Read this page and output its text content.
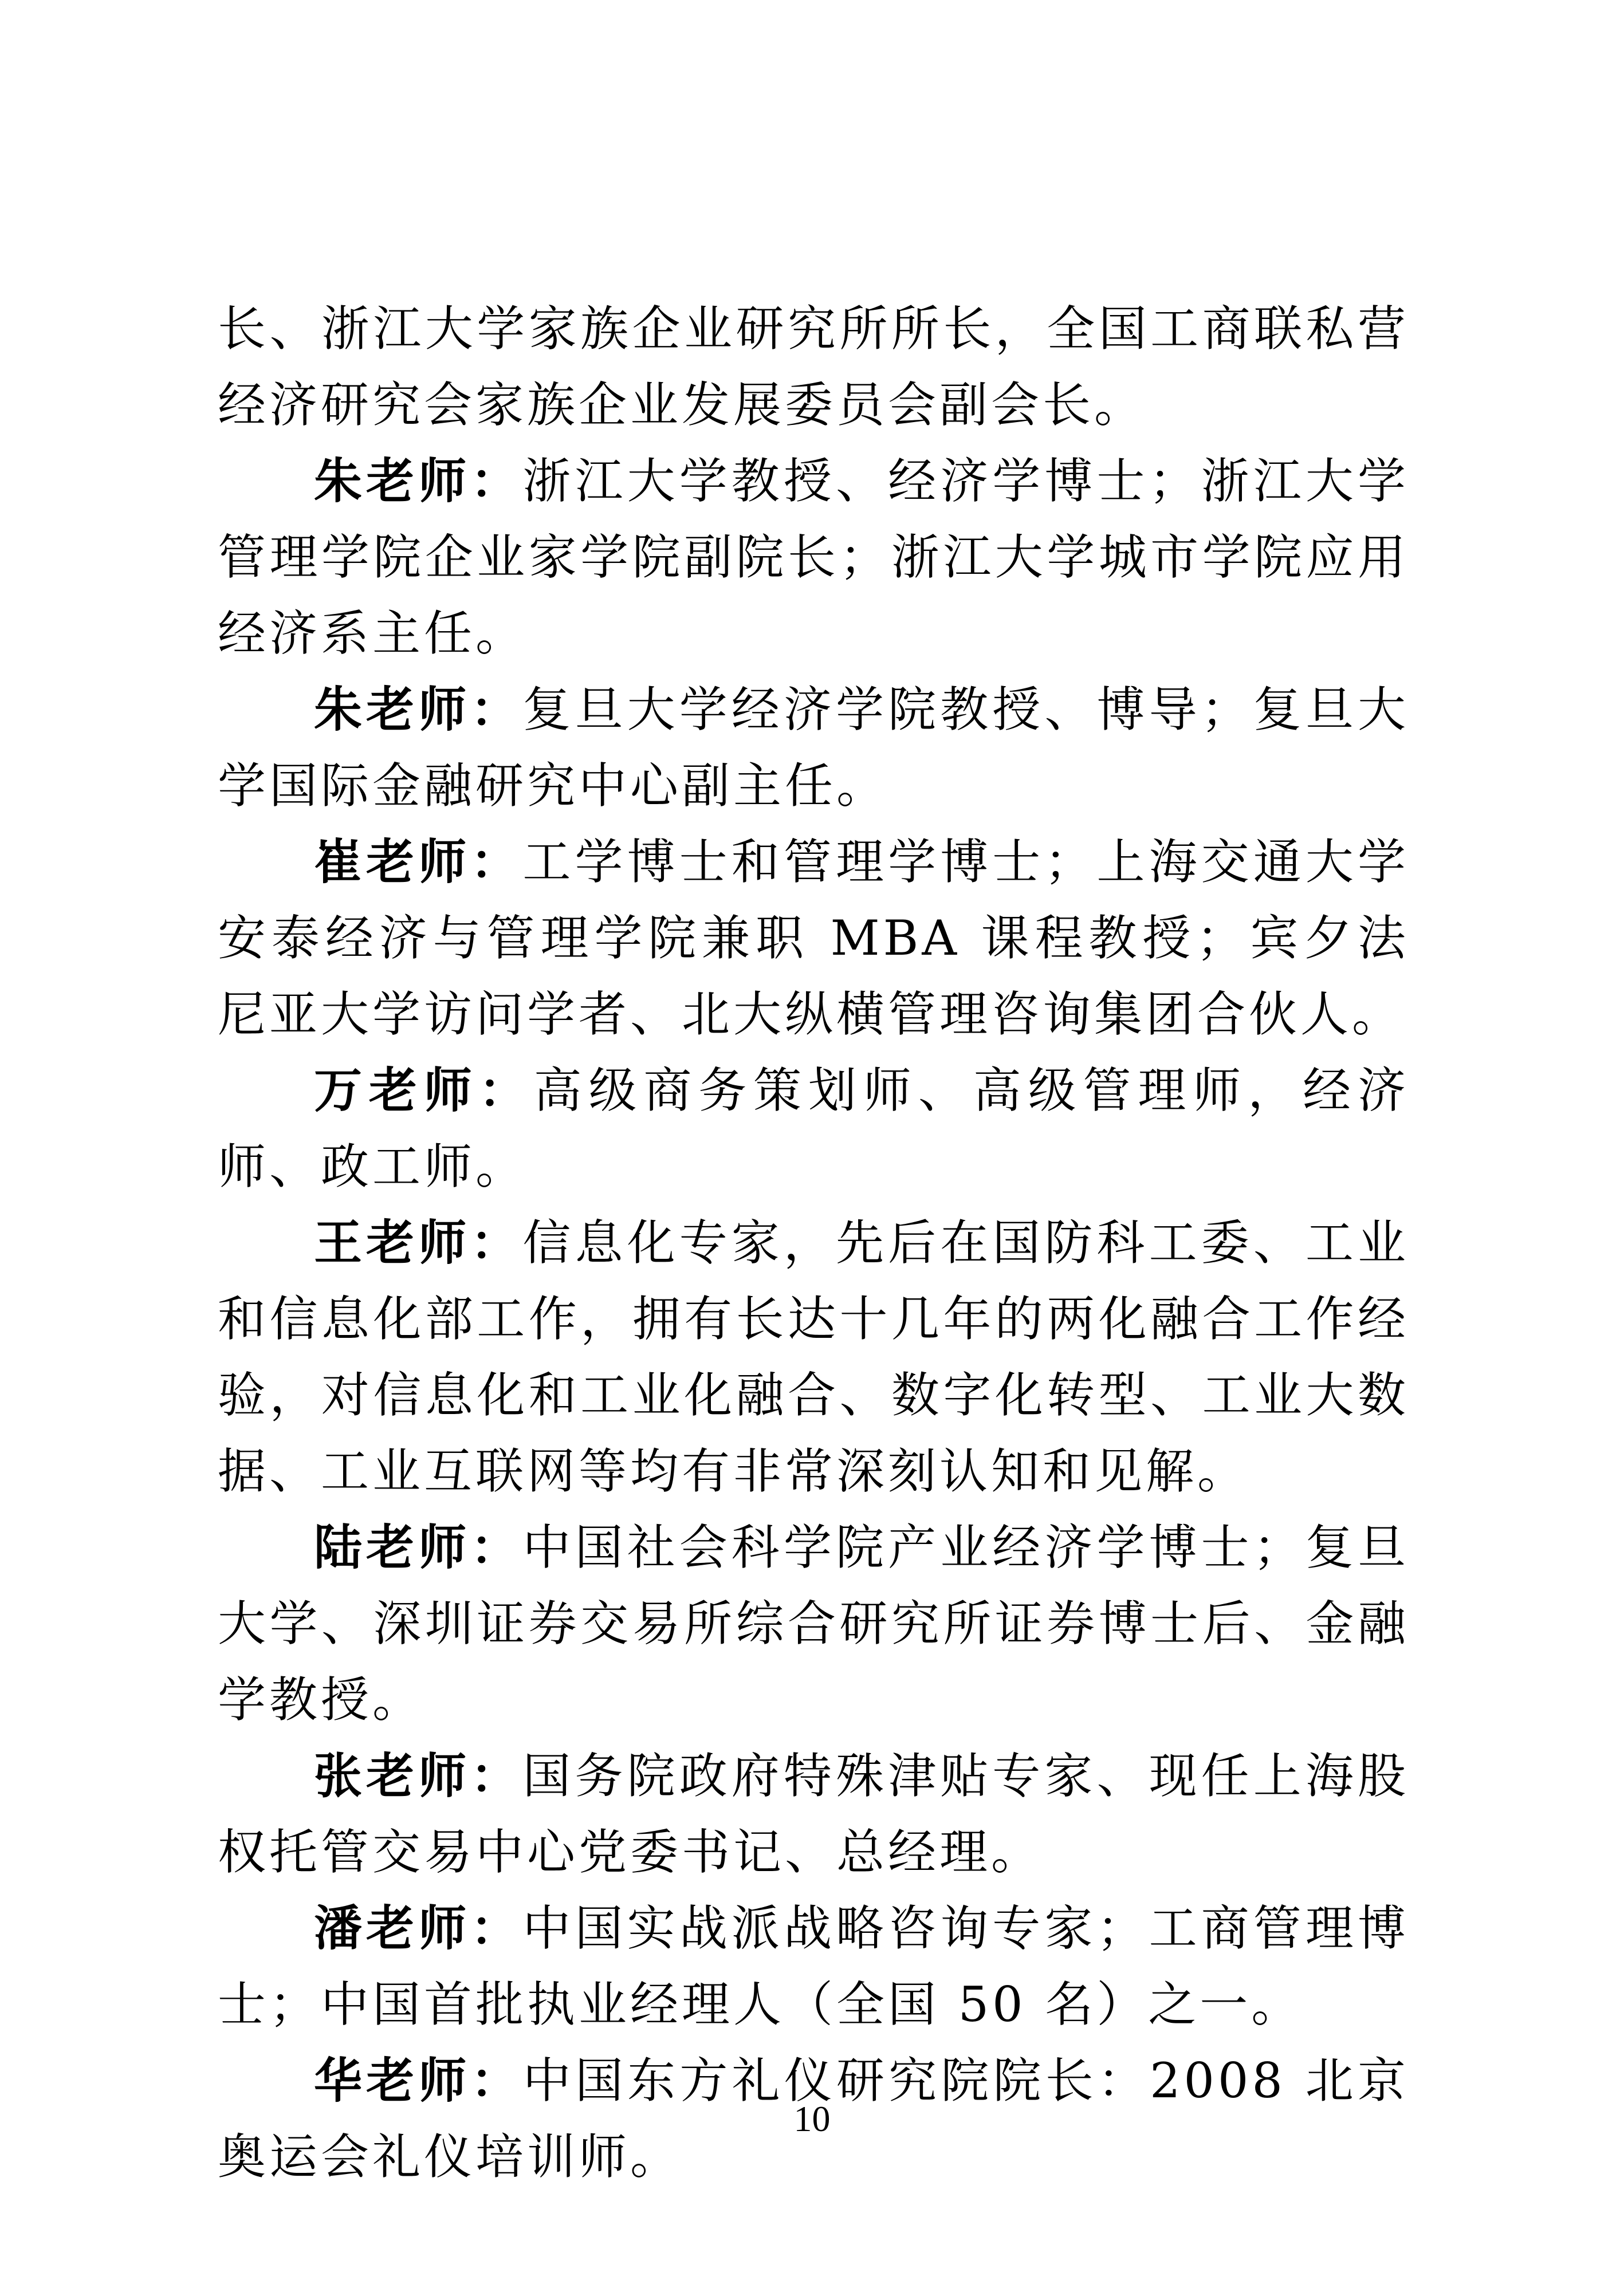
长、浙江大学家族企业研究所所长，全国工商联私营经济研究会家族企业发展委员会副会长。

朱老师：浙江大学教授、经济学博士；浙江大学管理学院企业家学院副院长；浙江大学城市学院应用经济系主任。

朱老师：复旦大学经济学院教授、博导；复旦大学国际金融研究中心副主任。

崔老师：工学博士和管理学博士；上海交通大学安泰经济与管理学院兼职 MBA 课程教授；宾夕法尼亚大学访问学者、北大纵横管理咨询集团合伙人。

万老师：高级商务策划师、高级管理师，经济师、政工师。

王老师：信息化专家，先后在国防科工委、工业和信息化部工作，拥有长达十几年的两化融合工作经验，对信息化和工业化融合、数字化转型、工业大数据、工业互联网等均有非常深刻认知和见解。

陆老师：中国社会科学院产业经济学博士；复旦大学、深圳证券交易所综合研究所证券博士后、金融学教授。

张老师：国务院政府特殊津贴专家、现任上海股权托管交易中心党委书记、总经理。

潘老师：中国实战派战略咨询专家；工商管理博士；中国首批执业经理人（全国 50 名）之一。

华老师：中国东方礼仪研究院院长：2008 北京奥运会礼仪培训师。

10
